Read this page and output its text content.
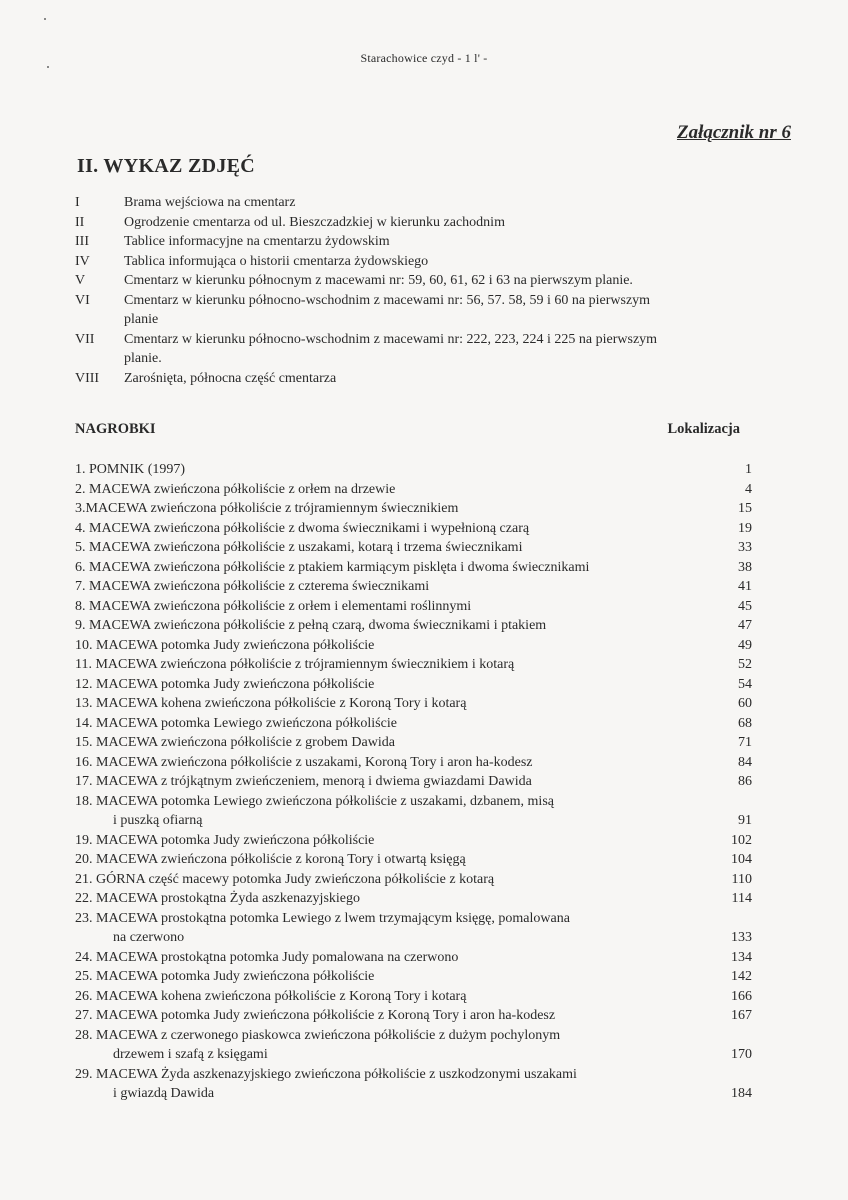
Starachowice czyd - 1 l' -
Załącznik nr 6
II. WYKAZ ZDJĘĆ
I	Brama wejściowa na cmentarz
II	Ogrodzenie cmentarza od ul. Bieszczadzkiej w kierunku zachodnim
III	Tablice informacyjne na cmentarzu żydowskim
IV	Tablica informująca o historii cmentarza żydowskiego
V	Cmentarz w kierunku północnym z macewami nr: 59, 60, 61, 62 i 63 na pierwszym planie.
VI	Cmentarz w kierunku północno-wschodnim z macewami nr: 56, 57. 58, 59 i 60 na pierwszym
planie
VII	Cmentarz w kierunku północno-wschodnim z macewami nr: 222, 223, 224 i 225 na pierwszym
planie.
VIII	Zarośnięta, północna część cmentarza
NAGROBKI	Lokalizacja
1. POMNIK (1997)	1
2. MACEWA zwieńczona półkoliście z orłem na drzewie	4
3.MACEWA zwieńczona półkoliście z trójramiennym świecznikiem	15
4. MACEWA zwieńczona półkoliście z dwoma świecznikami i wypełnioną czarą	19
5. MACEWA zwieńczona półkoliście z uszakami, kotarą i trzema świecznikami	33
6. MACEWA zwieńczona półkoliście z ptakiem karmiącym pisklęta i dwoma świecznikami	38
7. MACEWA zwieńczona półkoliście z czterema świecznikami	41
8. MACEWA zwieńczona półkoliście z orłem i elementami roślinnymi	45
9. MACEWA zwieńczona półkoliście z pełną czarą, dwoma świecznikami i ptakiem	47
10. MACEWA potomka Judy zwieńczona półkoliście	49
11. MACEWA zwieńczona półkoliście z trójramiennym świecznikiem i kotarą	52
12. MACEWA potomka Judy zwieńczona półkoliście	54
13. MACEWA kohena zwieńczona półkoliście z Koroną Tory i kotarą	60
14. MACEWA potomka Lewiego zwieńczona półkoliście	68
15. MACEWA zwieńczona półkoliście z grobem Dawida	71
16. MACEWA zwieńczona półkoliście z uszakami, Koroną Tory i aron ha-kodesz	84
17. MACEWA z trójkątnym zwieńczeniem, menorą i dwiema gwiazdami Dawida	86
18. MACEWA potomka Lewiego zwieńczona półkoliście z uszakami, dzbanem, misą
i puszką ofiarną	91
19. MACEWA potomka Judy zwieńczona półkoliście	102
20. MACEWA zwieńczona półkoliście z koroną Tory i otwartą księgą	104
21. GÓRNA część macewy potomka Judy zwieńczona półkoliście z kotarą	110
22. MACEWA prostokątna Żyda aszkenazyjskiego	114
23. MACEWA prostokątna potomka Lewiego z lwem trzymającym księgę, pomalowana
na czerwono	133
24. MACEWA prostokątna potomka Judy pomalowana na czerwono	134
25. MACEWA potomka Judy zwieńczona półkoliście	142
26. MACEWA kohena zwieńczona półkoliście z Koroną Tory i kotarą	166
27. MACEWA potomka Judy zwieńczona półkoliście z Koroną Tory i aron ha-kodesz	167
28. MACEWA z czerwonego piaskowca zwieńczona półkoliście z dużym pochylonym
drzewem i szafą z księgami	170
29. MACEWA Żyda aszkenazyjskiego zwieńczona półkoliście z uszkodzonymi uszakami
i gwiazdą Dawida	184
